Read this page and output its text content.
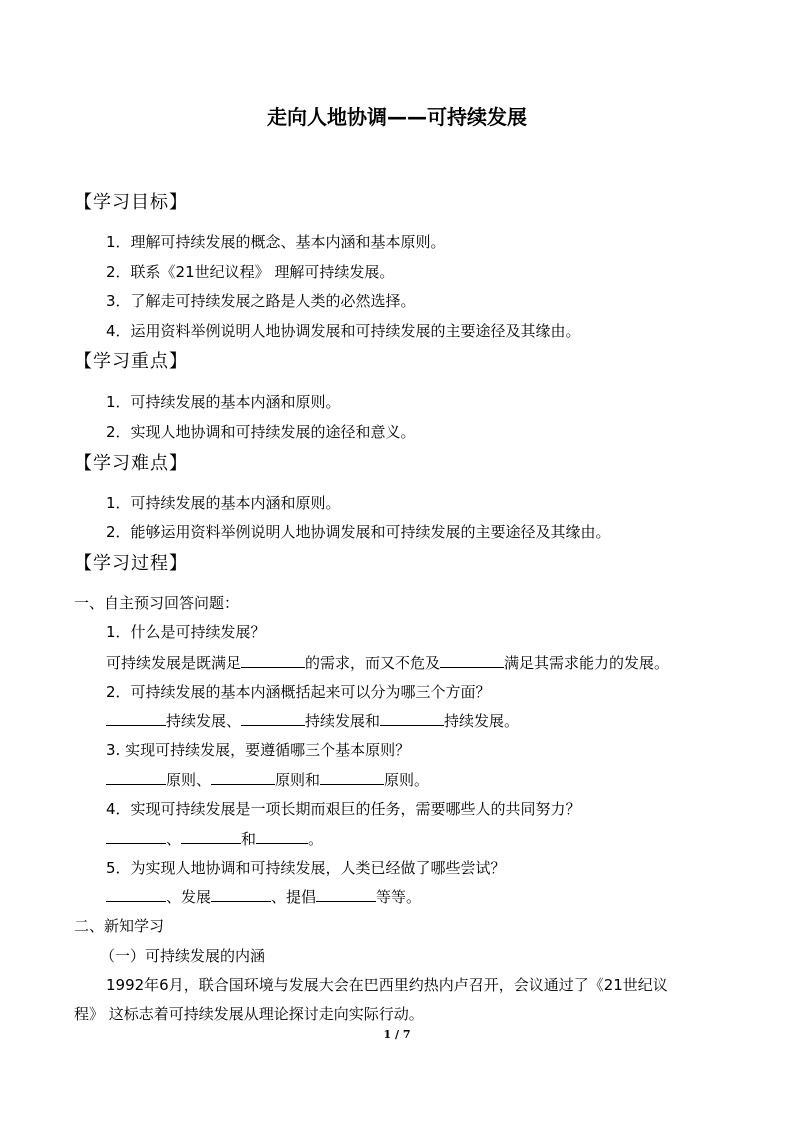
走向人地协调——可持续发展
【学习目标】
1．理解可持续发展的概念、基本内涵和基本原则。
2．联系《21世纪议程》 理解可持续发展。
3．了解走可持续发展之路是人类的必然选择。
4．运用资料举例说明人地协调发展和可持续发展的主要途径及其缘由。
【学习重点】
1．可持续发展的基本内涵和原则。
2．实现人地协调和可持续发展的途径和意义。
【学习难点】
1．可持续发展的基本内涵和原则。
2．能够运用资料举例说明人地协调发展和可持续发展的主要途径及其缘由。
【学习过程】
一、自主预习回答问题：
1．什么是可持续发展？
可持续发展是既满足	的需求，而又不危及	满足其需求能力的发展。
2．可持续发展的基本内涵概括起来可以分为哪三个方面？
持续发展、	持续发展和	持续发展。
3. 实现可持续发展，要遵循哪三个基本原则？
原则、	原则和	原则。
4．实现可持续发展是一项长期而艰巨的任务，需要哪些人的共同努力？
、	和	。
5．为实现人地协调和可持续发展，人类已经做了哪些尝试？
、发展	、提倡	等等。
二、新知学习
（一）可持续发展的内涵
1992年6月，联合国环境与发展大会在巴西里约热内卢召开，会议通过了《21世纪议
程》 这标志着可持续发展从理论探讨走向实际行动。
1 / 7
